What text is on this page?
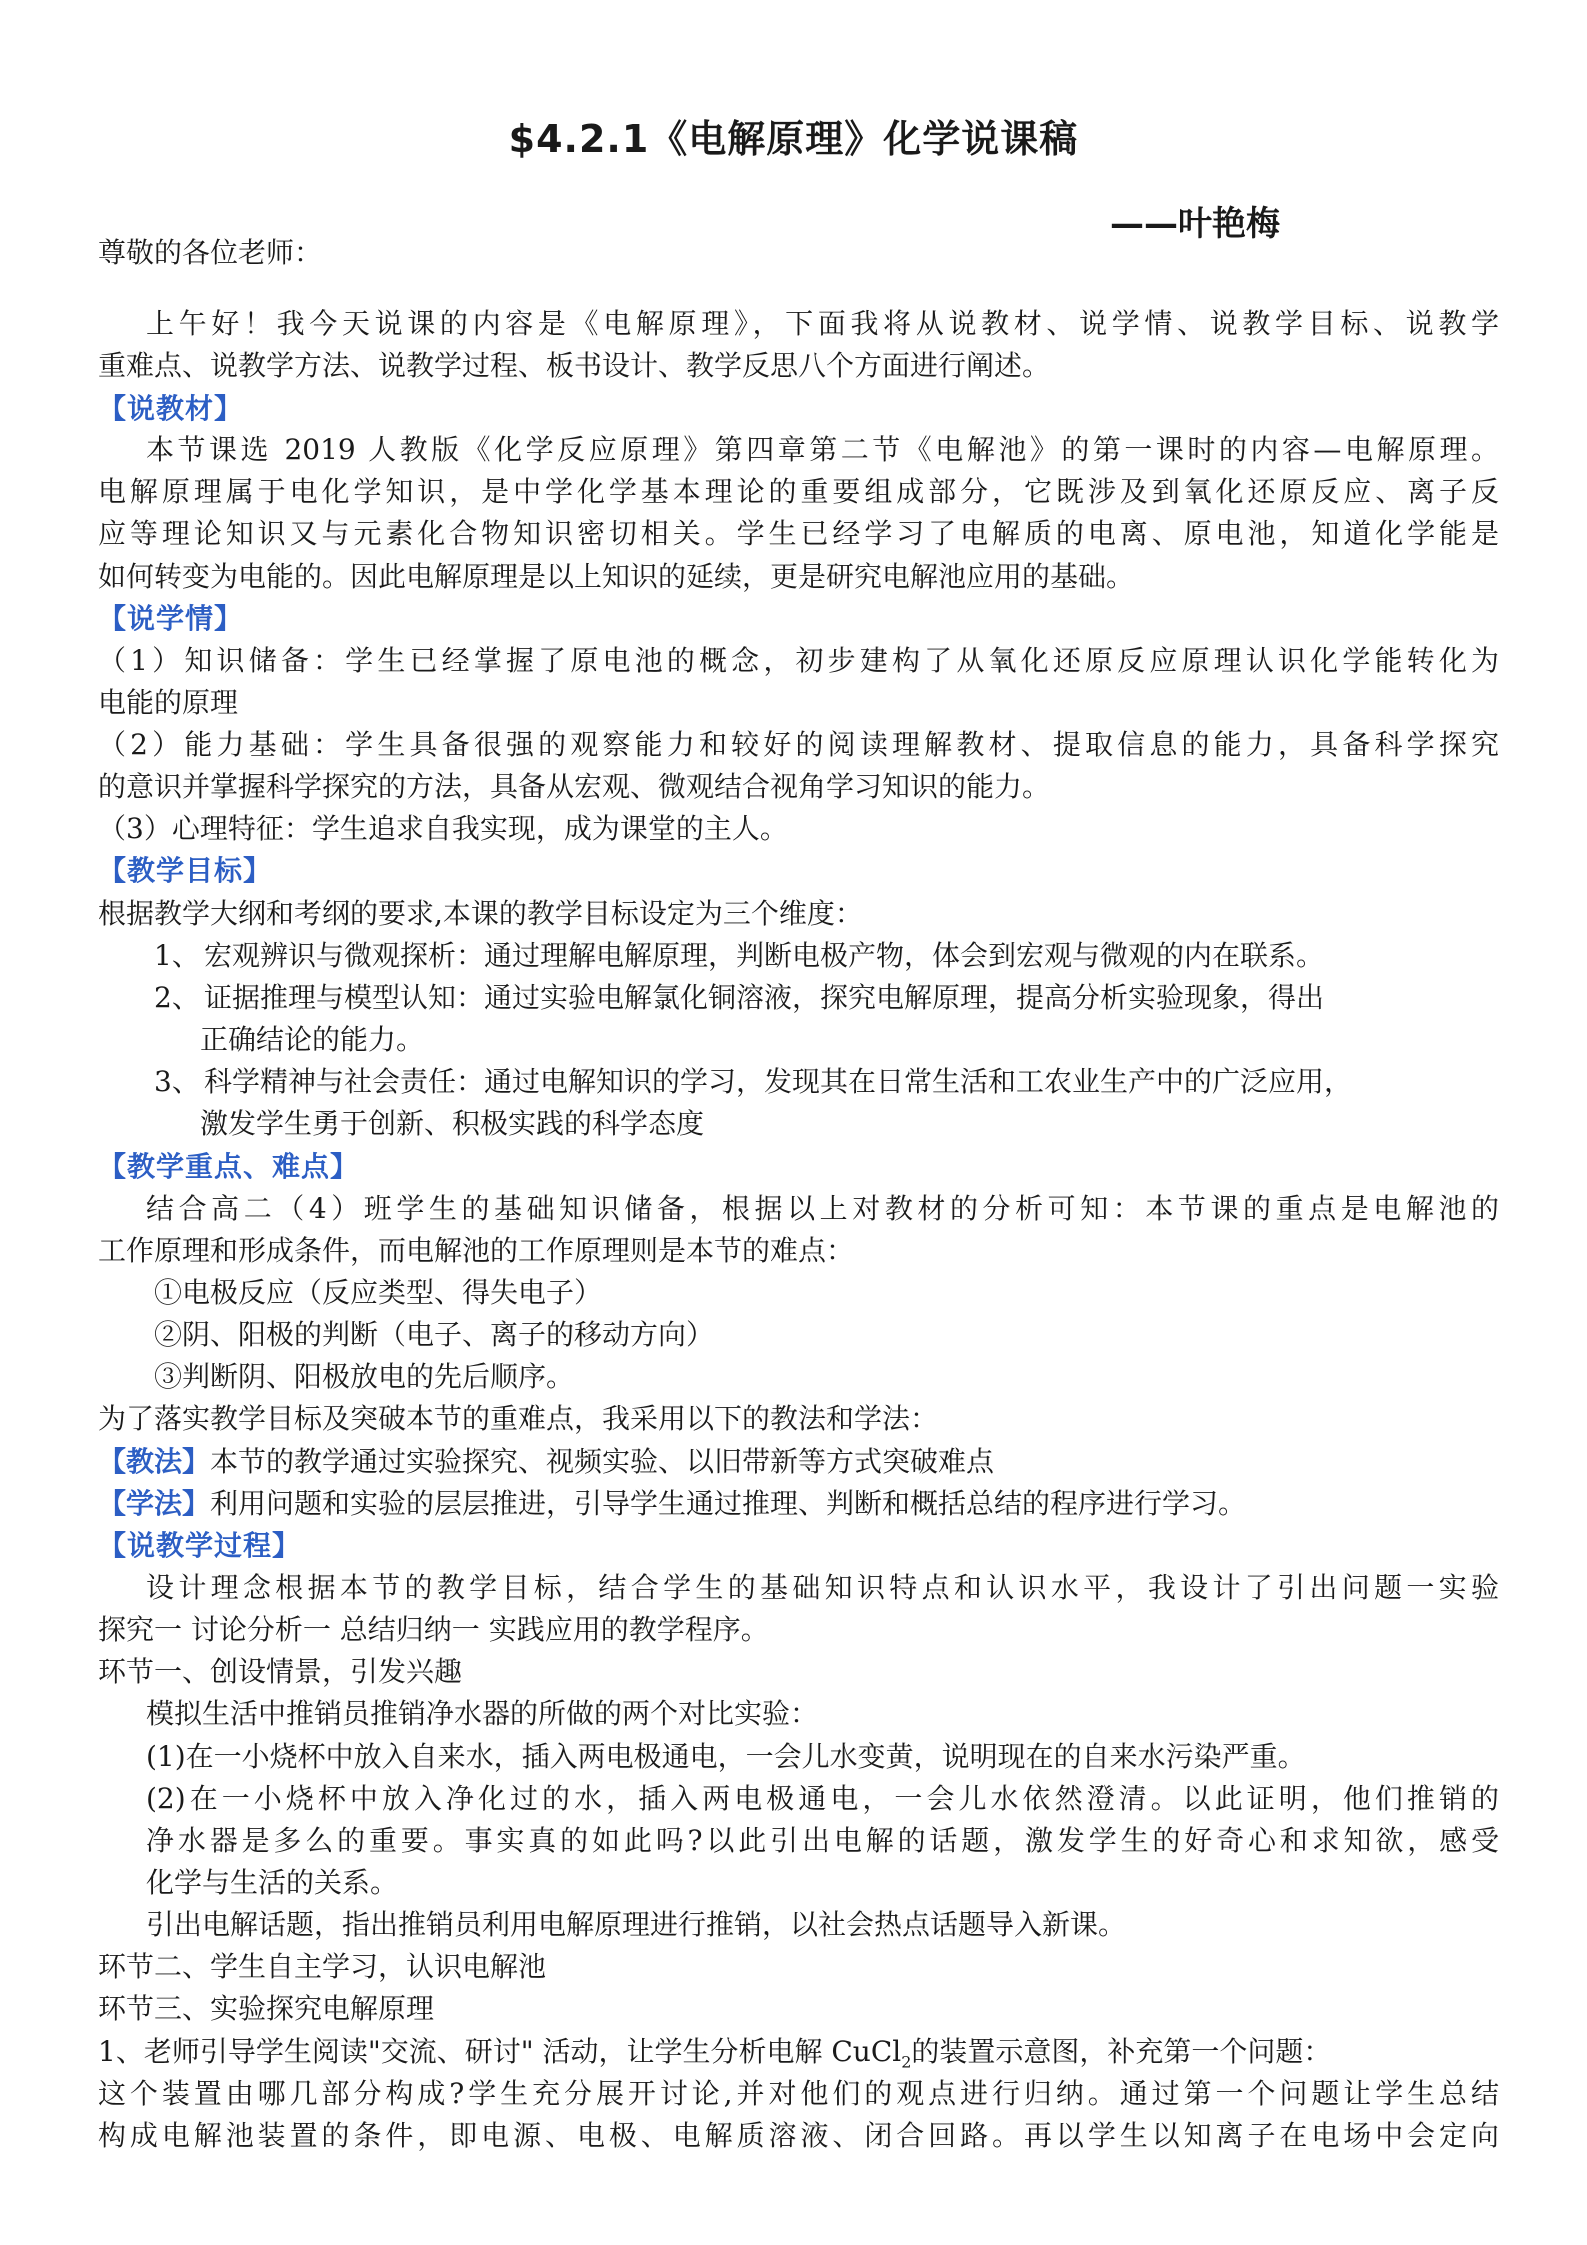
$4.2.1《电解原理》化学说课稿
——叶艳梅
尊敬的各位老师：
上午好！我今天说课的内容是《电解原理》，下面我将从说教材、说学情、说教学目标、说教学
重难点、说教学方法、说教学过程、板书设计、教学反思八个方面进行阐述。
【说教材】
本节课选 2019 人教版《化学反应原理》第四章第二节《电解池》的第一课时的内容—电解原理。
电解原理属于电化学知识，是中学化学基本理论的重要组成部分，它既涉及到氧化还原反应、离子反
应等理论知识又与元素化合物知识密切相关。学生已经学习了电解质的电离、原电池，知道化学能是
如何转变为电能的。因此电解原理是以上知识的延续，更是研究电解池应用的基础。
【说学情】
（1）知识储备：学生已经掌握了原电池的概念，初步建构了从氧化还原反应原理认识化学能转化为
电能的原理
（2）能力基础：学生具备很强的观察能力和较好的阅读理解教材、提取信息的能力，具备科学探究
的意识并掌握科学探究的方法，具备从宏观、微观结合视角学习知识的能力。
（3）心理特征：学生追求自我实现，成为课堂的主人。
【教学目标】
根据教学大纲和考纲的要求,本课的教学目标设定为三个维度：
1、 宏观辨识与微观探析：通过理解电解原理，判断电极产物，体会到宏观与微观的内在联系。
2、 证据推理与模型认知：通过实验电解氯化铜溶液，探究电解原理，提高分析实验现象，得出
正确结论的能力。
3、 科学精神与社会责任：通过电解知识的学习，发现其在日常生活和工农业生产中的广泛应用，
激发学生勇于创新、积极实践的科学态度
【教学重点、难点】
结合高二（4）班学生的基础知识储备，根据以上对教材的分析可知：本节课的重点是电解池的
工作原理和形成条件，而电解池的工作原理则是本节的难点：
①电极反应（反应类型、得失电子）
②阴、阳极的判断（电子、离子的移动方向）
③判断阴、阳极放电的先后顺序。
为了落实教学目标及突破本节的重难点，我采用以下的教法和学法：
【教法】本节的教学通过实验探究、视频实验、以旧带新等方式突破难点
【学法】利用问题和实验的层层推进，引导学生通过推理、判断和概括总结的程序进行学习。
【说教学过程】
设计理念根据本节的教学目标，结合学生的基础知识特点和认识水平，我设计了引出问题一实验
探究一 讨论分析一 总结归纳一 实践应用的教学程序。
环节一、创设情景，引发兴趣
模拟生活中推销员推销净水器的所做的两个对比实验：
(1)在一小烧杯中放入自来水，插入两电极通电，一会儿水变黄，说明现在的自来水污染严重。
(2)在一小烧杯中放入净化过的水，插入两电极通电，一会儿水依然澄清。以此证明，他们推销的
净水器是多么的重要。事实真的如此吗?以此引出电解的话题，激发学生的好奇心和求知欲，感受
化学与生活的关系。
引出电解话题，指出推销员利用电解原理进行推销，以社会热点话题导入新课。
环节二、学生自主学习，认识电解池
环节三、实验探究电解原理
1、老师引导学生阅读"交流、研讨" 活动，让学生分析电解 CuCl$_2$的装置示意图，补充第一个问题：
这个装置由哪几部分构成?学生充分展开讨论,并对他们的观点进行归纳。通过第一个问题让学生总结
构成电解池装置的条件，即电源、电极、电解质溶液、闭合回路。再以学生以知离子在电场中会定向
